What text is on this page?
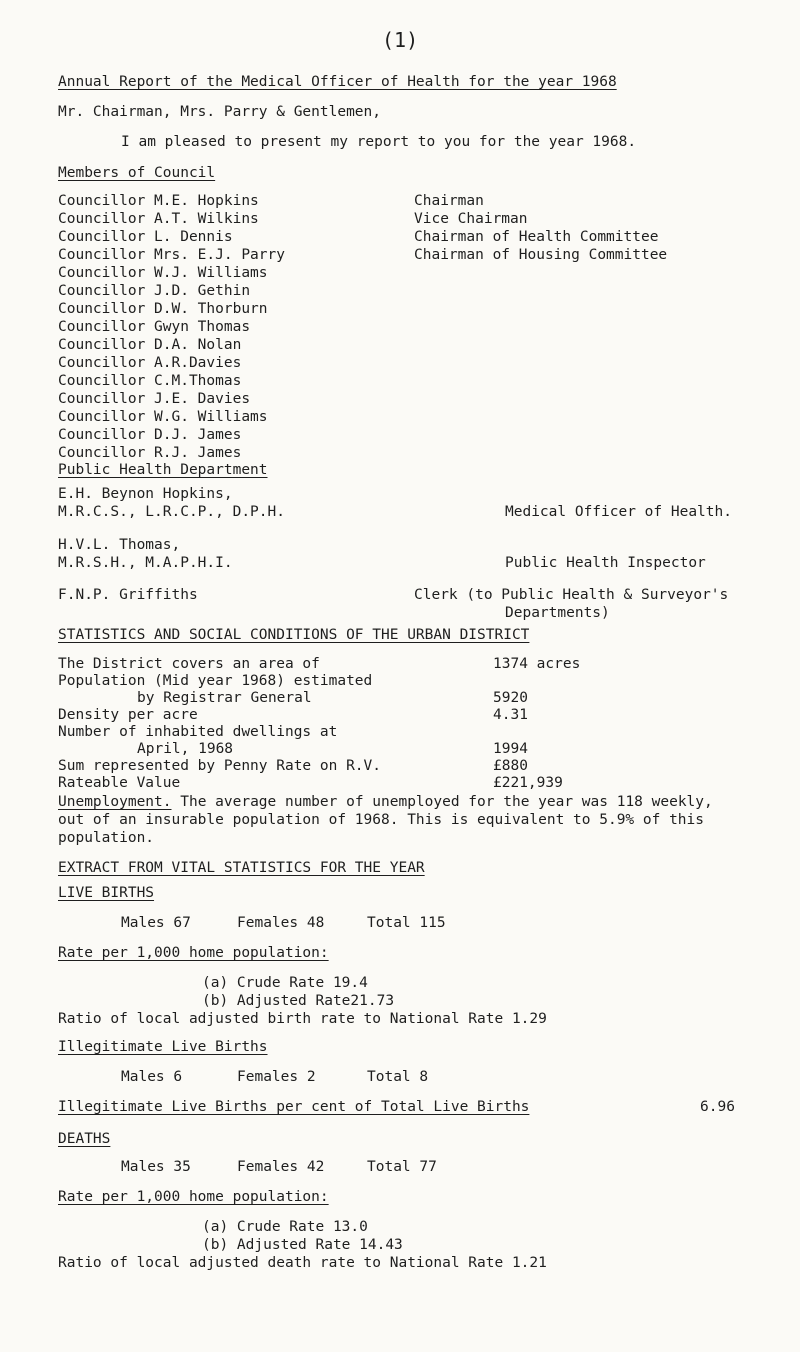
(1)
Annual Report of the Medical Officer of Health for the year 1968
Mr. Chairman, Mrs. Parry & Gentlemen,
I am pleased to present my report to you for the year 1968.
Members of Council
Councillor M.E. Hopkins	Chairman
Councillor A.T. Wilkins	Vice Chairman
Councillor L. Dennis	Chairman of Health Committee
Councillor Mrs. E.J. Parry	Chairman of Housing Committee
Councillor W.J. Williams
Councillor J.D. Gethin
Councillor D.W. Thorburn
Councillor Gwyn Thomas
Councillor D.A. Nolan
Councillor A.R.Davies
Councillor C.M.Thomas
Councillor J.E. Davies
Councillor W.G. Williams
Councillor D.J. James
Councillor R.J. James
Public Health Department
E.H. Beynon Hopkins,
M.R.C.S., L.R.C.P., D.P.H.	Medical Officer of Health.
H.V.L. Thomas,
M.R.S.H., M.A.P.H.I.	Public Health Inspector
F.N.P. Griffiths	Clerk (to Public Health & Surveyor's
Departments)
STATISTICS AND SOCIAL CONDITIONS OF THE URBAN DISTRICT
The District covers an area of	1374 acres
Population (Mid year 1968) estimated
by Registrar General	5920
Density per acre	4.31
Number of inhabited dwellings at
April, 1968	1994
Sum represented by Penny Rate on R.V.	£880
Rateable Value	£221,939
Unemployment. The average number of unemployed for the year was 118 weekly,
out of an insurable population of 1968. This is equivalent to 5.9% of this
population.
EXTRACT FROM VITAL STATISTICS FOR THE YEAR
LIVE BIRTHS
Males 67	Females 48	Total 115
Rate per 1,000 home population:
(a) Crude Rate 19.4
(b) Adjusted Rate21.73
Ratio of local adjusted birth rate to National Rate 1.29
Illegitimate Live Births
Males 6	Females 2	Total 8
Illegitimate Live Births per cent of Total Live Births	6.96
DEATHS
Males 35	Females 42	Total 77
Rate per 1,000 home population:
(a) Crude Rate 13.0
(b) Adjusted Rate 14.43
Ratio of local adjusted death rate to National Rate 1.21
